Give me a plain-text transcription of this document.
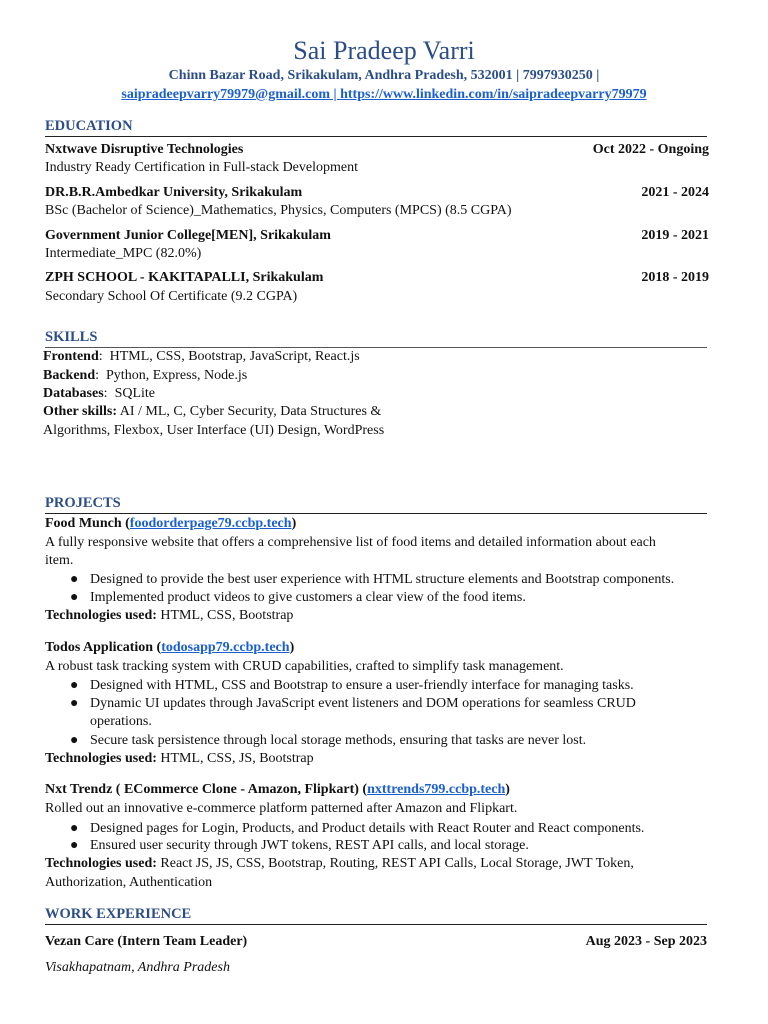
Sai Pradeep Varri
Chinn Bazar Road, Srikakulam, Andhra Pradesh, 532001 | 7997930250 |
saipradeepvarry79979@gmail.com | https://www.linkedin.com/in/saipradeepvarry79979
EDUCATION
Nxtwave Disruptive Technologies	Oct 2022 - Ongoing
Industry Ready Certification in Full-stack Development
DR.B.R.Ambedkar University, Srikakulam	2021 - 2024
BSc (Bachelor of Science)_Mathematics, Physics, Computers (MPCS) (8.5 CGPA)
Government Junior College[MEN], Srikakulam	2019 - 2021
Intermediate_MPC (82.0%)
ZPH SCHOOL - KAKITAPALLI, Srikakulam	2018 - 2019
Secondary School Of Certificate (9.2 CGPA)
SKILLS
Frontend:  HTML, CSS, Bootstrap, JavaScript, React.js
Backend:  Python, Express, Node.js
Databases:  SQLite
Other skills: AI / ML, C, Cyber Security, Data Structures &
Algorithms, Flexbox, User Interface (UI) Design, WordPress
PROJECTS
Food Munch (foodorderpage79.ccbp.tech)
A fully responsive website that offers a comprehensive list of food items and detailed information about each
item.
● Designed to provide the best user experience with HTML structure elements and Bootstrap components.
● Implemented product videos to give customers a clear view of the food items.
Technologies used: HTML, CSS, Bootstrap
Todos Application (todosapp79.ccbp.tech)
A robust task tracking system with CRUD capabilities, crafted to simplify task management.
● Designed with HTML, CSS and Bootstrap to ensure a user-friendly interface for managing tasks.
● Dynamic UI updates through JavaScript event listeners and DOM operations for seamless CRUD
operations.
● Secure task persistence through local storage methods, ensuring that tasks are never lost.
Technologies used: HTML, CSS, JS, Bootstrap
Nxt Trendz ( ECommerce Clone - Amazon, Flipkart) (nxttrends799.ccbp.tech)
Rolled out an innovative e-commerce platform patterned after Amazon and Flipkart.
● Designed pages for Login, Products, and Product details with React Router and React components.
● Ensured user security through JWT tokens, REST API calls, and local storage.
Technologies used: React JS, JS, CSS, Bootstrap, Routing, REST API Calls, Local Storage, JWT Token,
Authorization, Authentication
WORK EXPERIENCE
Vezan Care (Intern Team Leader)	Aug 2023 - Sep 2023
Visakhapatnam, Andhra Pradesh
